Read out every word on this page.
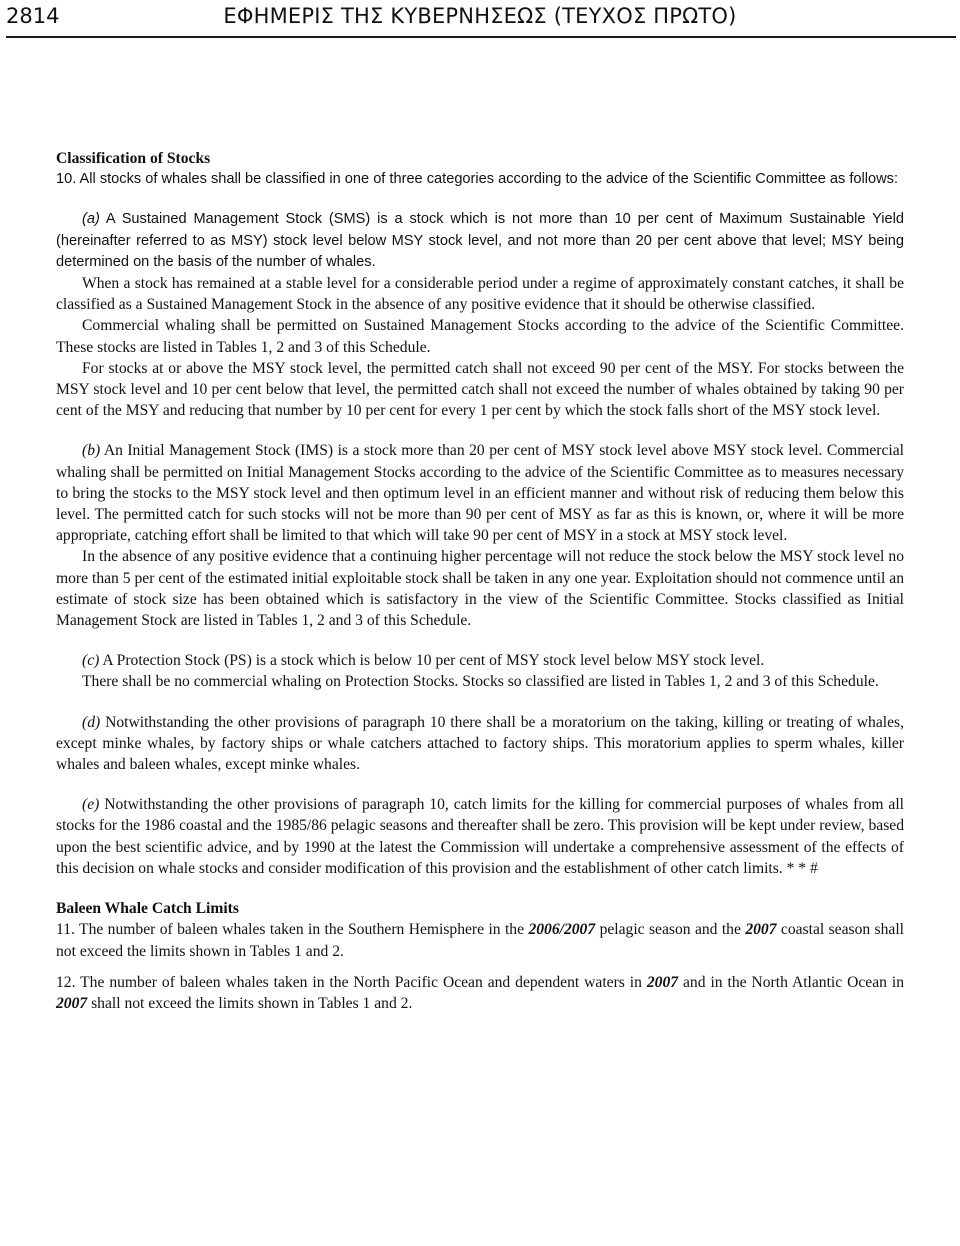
2814	ΕΦΗΜΕΡΙΣ ΤΗΣ ΚΥΒΕΡΝΗΣΕΩΣ (ΤΕΥΧΟΣ ΠΡΩΤΟ)

Classification of Stocks

10. All stocks of whales shall be classified in one of three categories according to the advice of the Scientific Committee as follows:

(a) A Sustained Management Stock (SMS) is a stock which is not more than 10 per cent of Maximum Sustainable Yield (hereinafter referred to as MSY) stock level below MSY stock level, and not more than 20 per cent above that level; MSY being determined on the basis of the number of whales.

When a stock has remained at a stable level for a considerable period under a regime of approximately constant catches, it shall be classified as a Sustained Management Stock in the absence of any positive evidence that it should be otherwise classified.

Commercial whaling shall be permitted on Sustained Management Stocks according to the advice of the Scientific Committee. These stocks are listed in Tables 1, 2 and 3 of this Schedule.

For stocks at or above the MSY stock level, the permitted catch shall not exceed 90 per cent of the MSY. For stocks between the MSY stock level and 10 per cent below that level, the permitted catch shall not exceed the number of whales obtained by taking 90 per cent of the MSY and reducing that number by 10 per cent for every 1 per cent by which the stock falls short of the MSY stock level.

(b) An Initial Management Stock (IMS) is a stock more than 20 per cent of MSY stock level above MSY stock level. Commercial whaling shall be permitted on Initial Management Stocks according to the advice of the Scientific Committee as to measures necessary to bring the stocks to the MSY stock level and then optimum level in an efficient manner and without risk of reducing them below this level. The permitted catch for such stocks will not be more than 90 per cent of MSY as far as this is known, or, where it will be more appropriate, catching effort shall be limited to that which will take 90 per cent of MSY in a stock at MSY stock level.

In the absence of any positive evidence that a continuing higher percentage will not reduce the stock below the MSY stock level no more than 5 per cent of the estimated initial exploitable stock shall be taken in any one year. Exploitation should not commence until an estimate of stock size has been obtained which is satisfactory in the view of the Scientific Committee. Stocks classified as Initial Management Stock are listed in Tables 1, 2 and 3 of this Schedule.

(c) A Protection Stock (PS) is a stock which is below 10 per cent of MSY stock level below MSY stock level.

There shall be no commercial whaling on Protection Stocks. Stocks so classified are listed in Tables 1, 2 and 3 of this Schedule.

(d) Notwithstanding the other provisions of paragraph 10 there shall be a moratorium on the taking, killing or treating of whales, except minke whales, by factory ships or whale catchers attached to factory ships. This moratorium applies to sperm whales, killer whales and baleen whales, except minke whales.

(e) Notwithstanding the other provisions of paragraph 10, catch limits for the killing for commercial purposes of whales from all stocks for the 1986 coastal and the 1985/86 pelagic seasons and thereafter shall be zero. This provision will be kept under review, based upon the best scientific advice, and by 1990 at the latest the Commission will undertake a comprehensive assessment of the effects of this decision on whale stocks and consider modification of this provision and the establishment of other catch limits. * * #

Baleen Whale Catch Limits

11. The number of baleen whales taken in the Southern Hemisphere in the 2006/2007 pelagic season and the 2007 coastal season shall not exceed the limits shown in Tables 1 and 2.

12. The number of baleen whales taken in the North Pacific Ocean and dependent waters in 2007 and in the North Atlantic Ocean in 2007 shall not exceed the limits shown in Tables 1 and 2.
